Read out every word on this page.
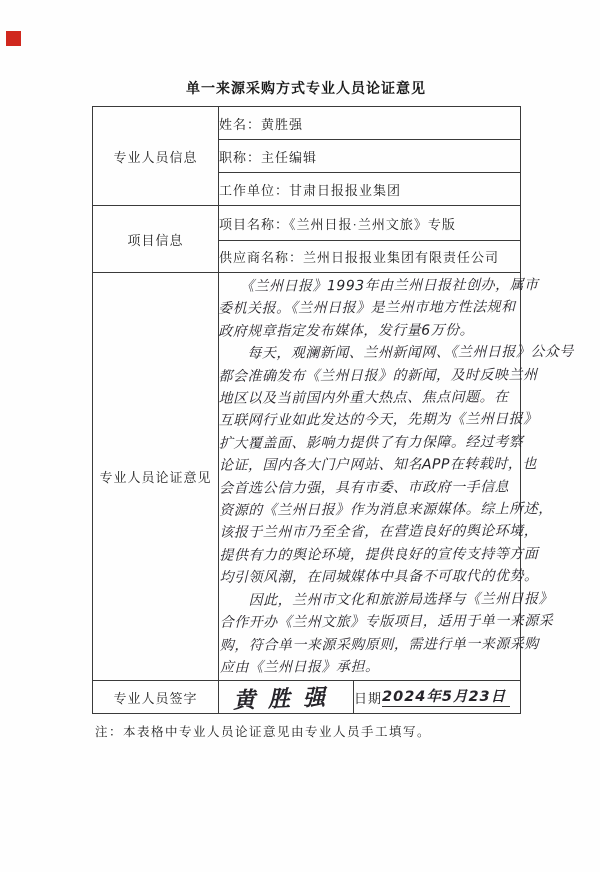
单一来源采购方式专业人员论证意见
专业人员信息	姓名：黄胜强	
	职称：主任编辑	
	工作单位：甘肃日报报业集团	
项目信息	项目名称：《兰州日报·兰州文旅》专版	
	供应商名称：兰州日报报业集团有限责任公司	
专业人员论证意见	
　　《兰州日报》1993年由兰州日报社创办，属市
委机关报。《兰州日报》是兰州市地方性法规和
政府规章指定发布媒体，发行量6万份。
　　每天，观澜新闻、兰州新闻网、《兰州日报》公众号
都会准确发布《兰州日报》的新闻，及时反映兰州
地区以及当前国内外重大热点、焦点问题。在
互联网行业如此发达的今天，先期为《兰州日报》
扩大覆盖面、影响力提供了有力保障。经过考察
论证，国内各大门户网站、知名APP在转载时，也
会首选公信力强，具有市委、市政府一手信息
资源的《兰州日报》作为消息来源媒体。综上所述，
该报于兰州市乃至全省，在营造良好的舆论环境，
提供有力的舆论环境，提供良好的宣传支持等方面
均引领风潮，在同城媒体中具备不可取代的优势。
　　因此，兰州市文化和旅游局选择与《兰州日报》
合作开办《兰州文旅》专版项目，适用于单一来源采
购，符合单一来源采购原则，需进行单一来源采购
应由《兰州日报》承担。

专业人员签字	黄胜强	日期 2024年5月23日
注：本表格中专业人员论证意见由专业人员手工填写。
